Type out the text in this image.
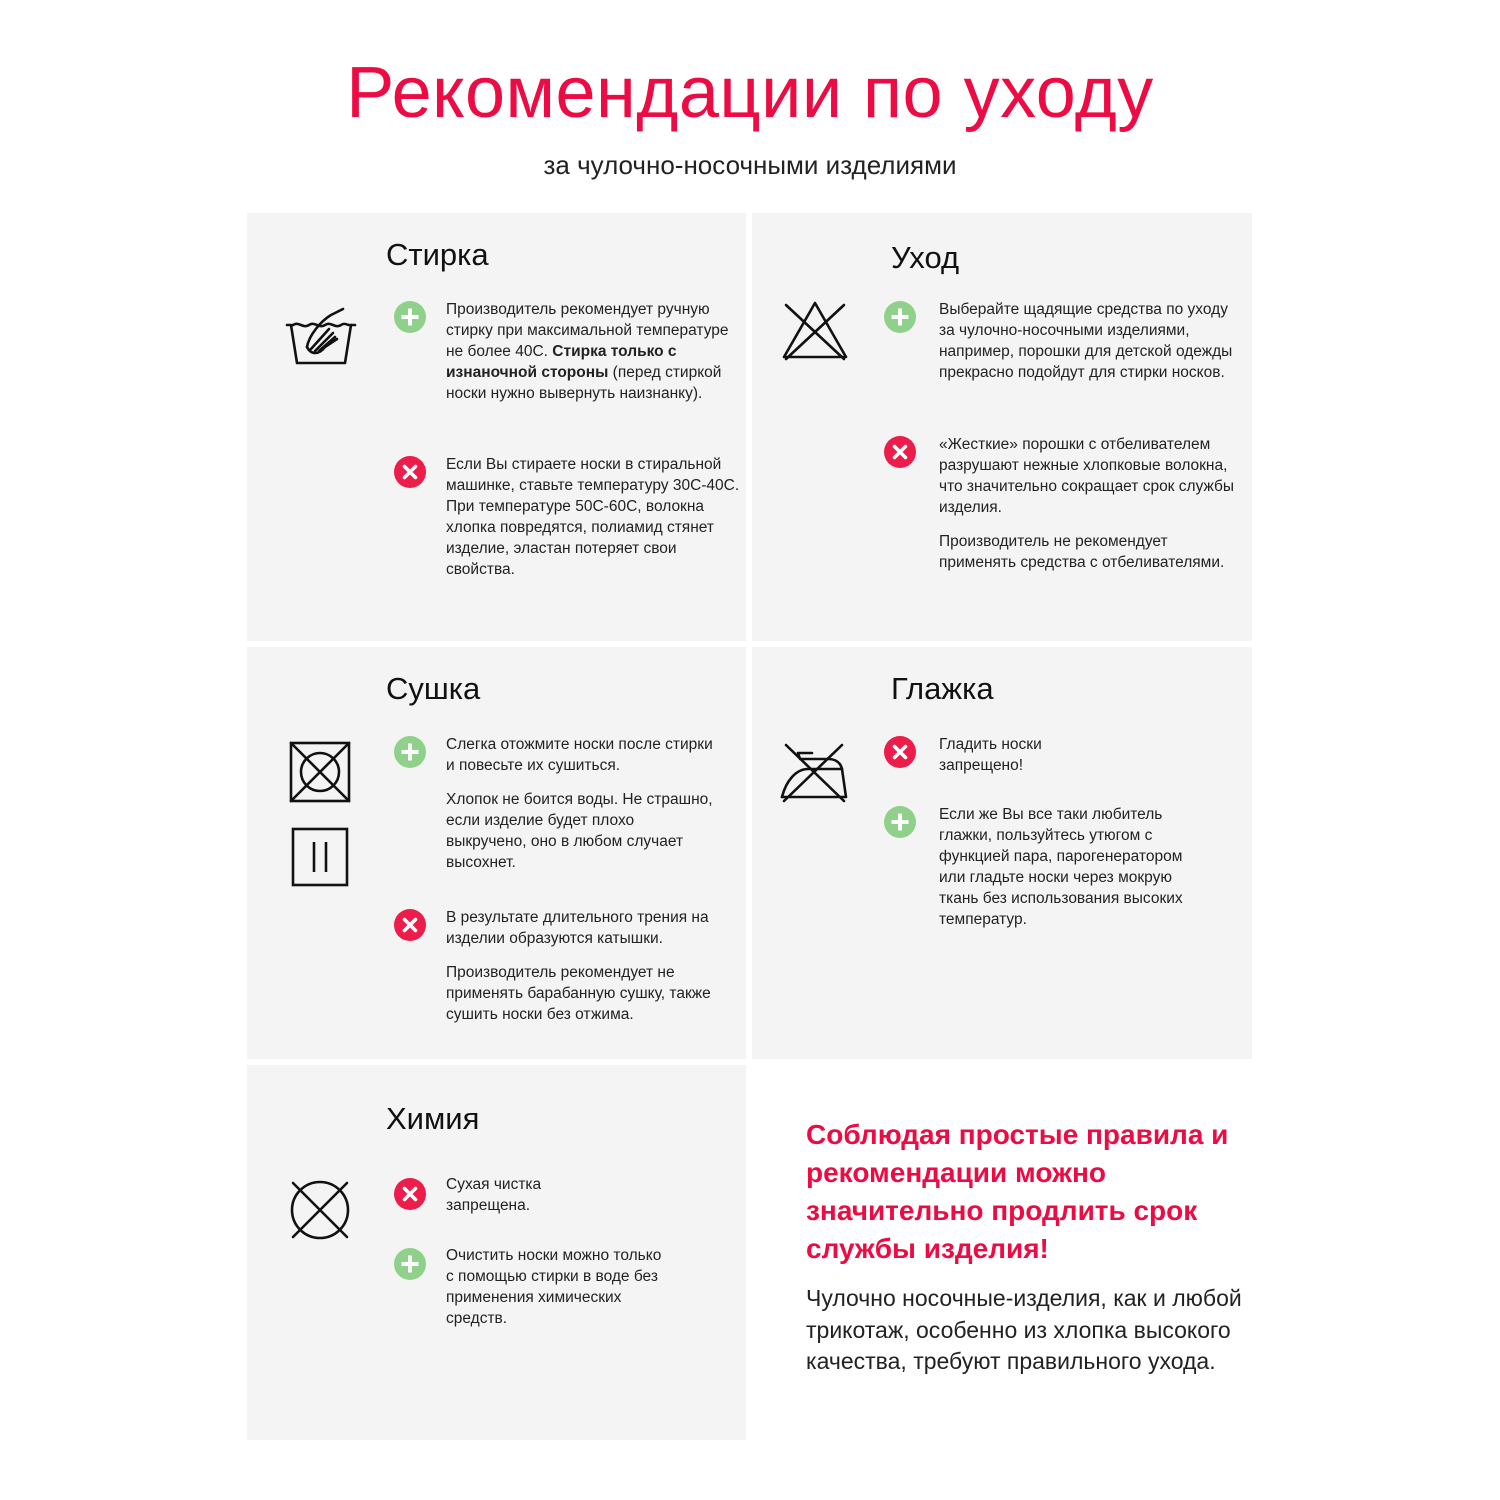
Рекомендации по уходу
за чулочно-носочными изделиями
Стирка

Производитель рекомендует ручную стирку при максимальной температуре не более 40С. Стирка только с изнаночной стороны (перед стиркой носки нужно вывернуть наизнанку).

Если Вы стираете носки в стиральной машинке, ставьте температуру 30С-40С. При температуре 50С-60С, волокна хлопка повредятся, полиамид стянет изделие, эластан потеряет свои свойства.

Уход

Выберайте щадящие средства по уходу за чулочно-носочными изделиями, например, порошки для детской одежды прекрасно подойдут для стирки носков.

«Жесткие» порошки с отбеливателем разрушают нежные хлопковые волокна, что значительно сокращает срок службы изделия.
Производитель не рекомендует применять средства с отбеливателями.

Сушка

Слегка отожмите носки после стирки и повесьте их сушиться.
Хлопок не боится воды. Не страшно, если изделие будет плохо выкручено, оно в любом случает высохнет.

В результате длительного трения на изделии образуются катышки.
Производитель рекомендует не применять барабанную сушку, также сушить носки без отжима.

Глажка

Гладить носки запрещено!

Если же Вы все таки любитель глажки, пользуйтесь утюгом с функцией пара, парогенератором или гладьте носки через мокрую ткань без использования высоких температур.

Химия

Сухая чистка запрещена.

Очистить носки можно только с помощью стирки в воде без применения химических средств.

Соблюдая простые правила и рекомендации можно значительно продлить срок службы изделия!

Чулочно носочные-изделия, как и любой трикотаж, особенно из хлопка высокого качества, требуют правильного ухода.
